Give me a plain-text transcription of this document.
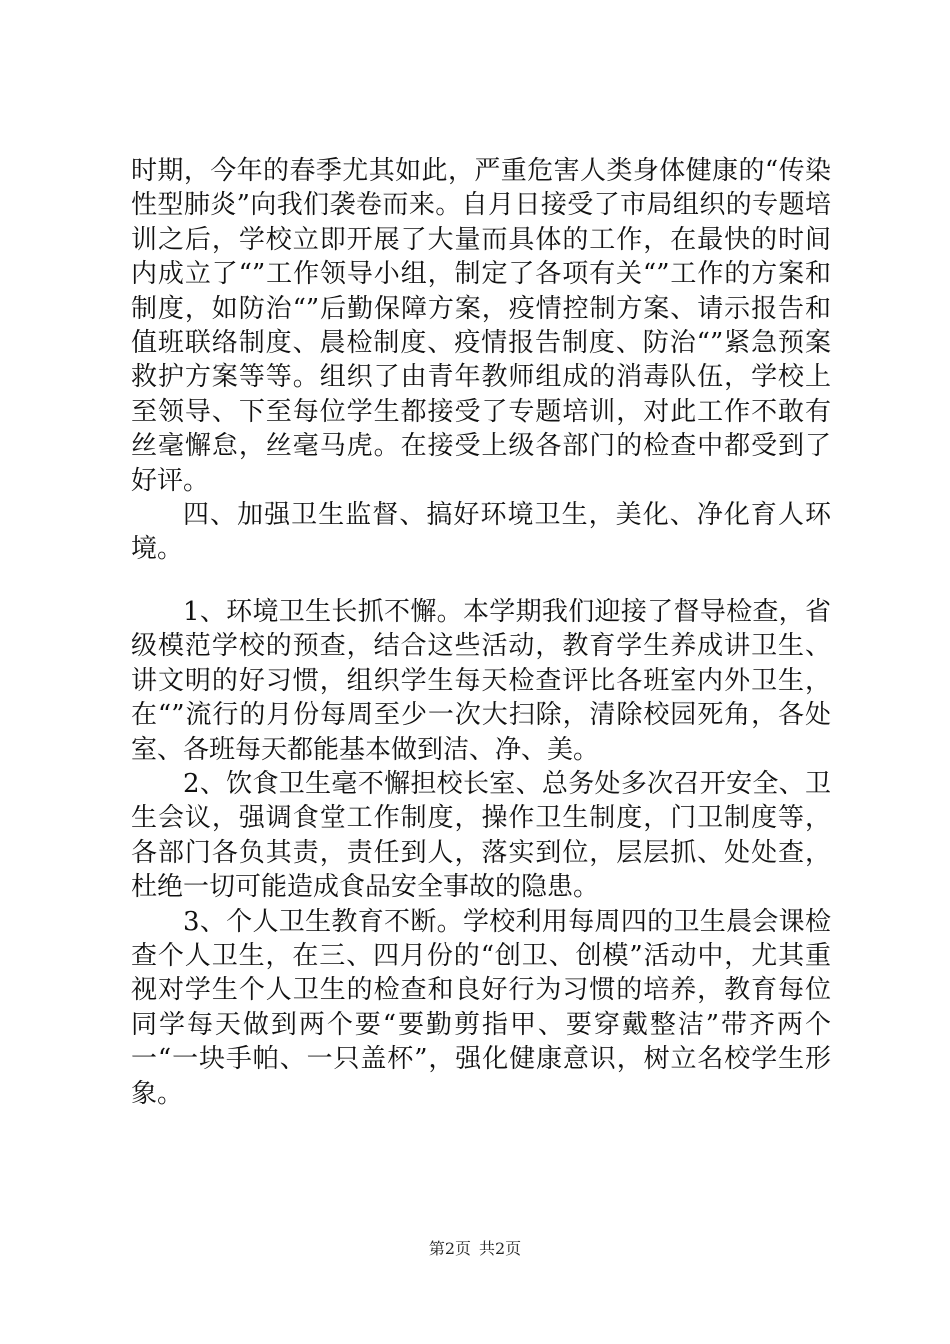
时期，今年的春季尤其如此，严重危害人类身体健康的“传染性型肺炎”向我们袭卷而来。自月日接受了市局组织的专题培训之后，学校立即开展了大量而具体的工作，在最快的时间内成立了“”工作领导小组，制定了各项有关“”工作的方案和制度，如防治“”后勤保障方案，疫情控制方案、请示报告和值班联络制度、晨检制度、疫情报告制度、防治“”紧急预案救护方案等等。组织了由青年教师组成的消毒队伍，学校上至领导、下至每位学生都接受了专题培训，对此工作不敢有丝毫懈怠，丝毫马虎。在接受上级各部门的检查中都受到了好评。

四、加强卫生监督、搞好环境卫生，美化、净化育人环境。

1、环境卫生长抓不懈。本学期我们迎接了督导检查，省级模范学校的预查，结合这些活动，教育学生养成讲卫生、讲文明的好习惯，组织学生每天检查评比各班室内外卫生，在“”流行的月份每周至少一次大扫除，清除校园死角，各处室、各班每天都能基本做到洁、净、美。

2、饮食卫生毫不懈担校长室、总务处多次召开安全、卫生会议，强调食堂工作制度，操作卫生制度，门卫制度等，各部门各负其责，责任到人，落实到位，层层抓、处处查，杜绝一切可能造成食品安全事故的隐患。

3、个人卫生教育不断。学校利用每周四的卫生晨会课检查个人卫生，在三、四月份的“创卫、创模”活动中，尤其重视对学生个人卫生的检查和良好行为习惯的培养，教育每位同学每天做到两个要“要勤剪指甲、要穿戴整洁”带齐两个一“一块手帕、一只盖杯”，强化健康意识，树立名校学生形象。

第2页 共2页
